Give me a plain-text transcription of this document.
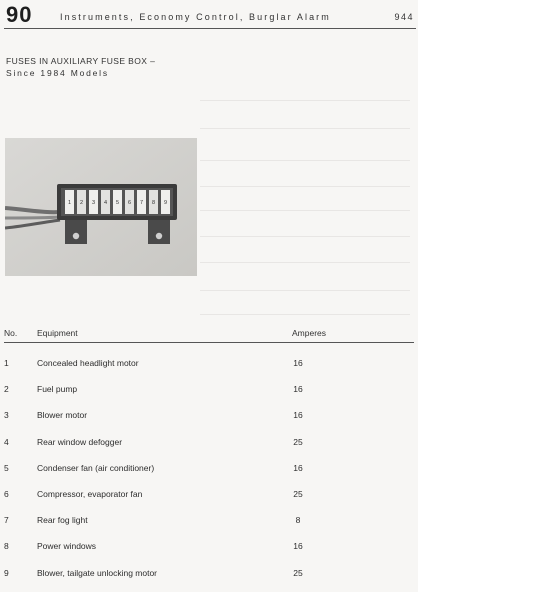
90	Instruments, Economy Control, Burglar Alarm	944
FUSES IN AUXILIARY FUSE BOX –
Since 1984 Models
1 2 3 4 5 6 7 8 9
No. Equipment	Amperes
1	Concealed headlight motor	16
2	Fuel pump	16
3	Blower motor	16
4	Rear window defogger	25
5	Condenser fan (air conditioner)	16
6	Compressor, evaporator fan	25
7	Rear fog light	8
8	Power windows	16
9	Blower, tailgate unlocking motor	25
